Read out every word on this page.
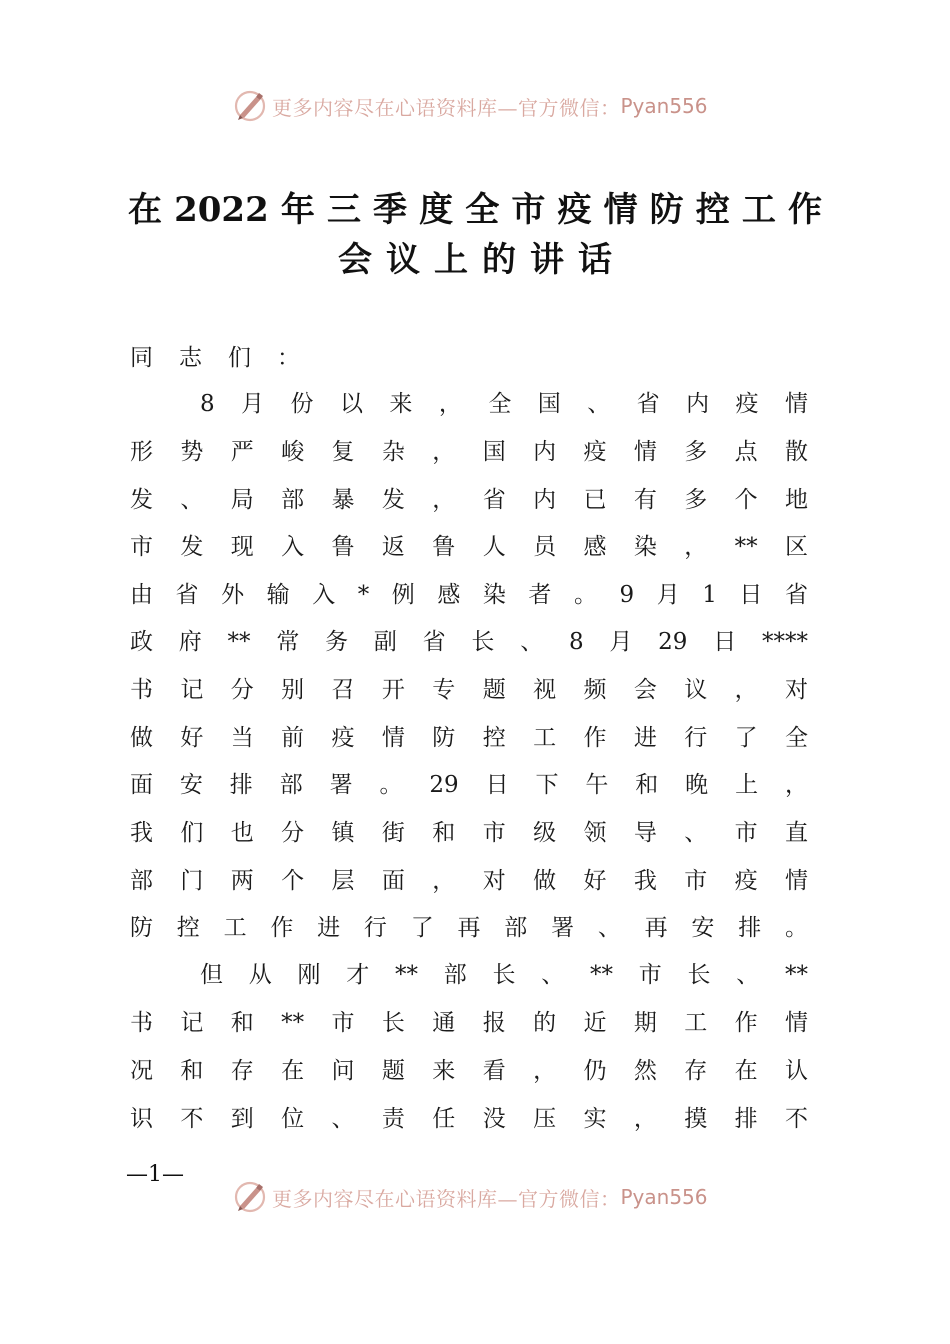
更多内容尽在心语资料库—官方微信： Pyan556
在2022年三季度全市疫情防控工作
会议上的讲话
同志们：
8月份以来，全国、省内疫情
形势严峻复杂，国内疫情多点散
发、局部暴发，省内已有多个地
市发现入鲁返鲁人员感染，**区
由省外输入*例感染者。9月1日省
政府**常务副省长、8月29日****
书记分别召开专题视频会议，对
做好当前疫情防控工作进行了全
面安排部署。29日下午和晚上，
我们也分镇街和市级领导、市直
部门两个层面，对做好我市疫情
防控工作进行了再部署、再安排。
但从刚才**部长、**市长、**
书记和**市长通报的近期工作情
况和存在问题来看，仍然存在认
识不到位、责任没压实，摸排不
—1—
更多内容尽在心语资料库—官方微信： Pyan556
